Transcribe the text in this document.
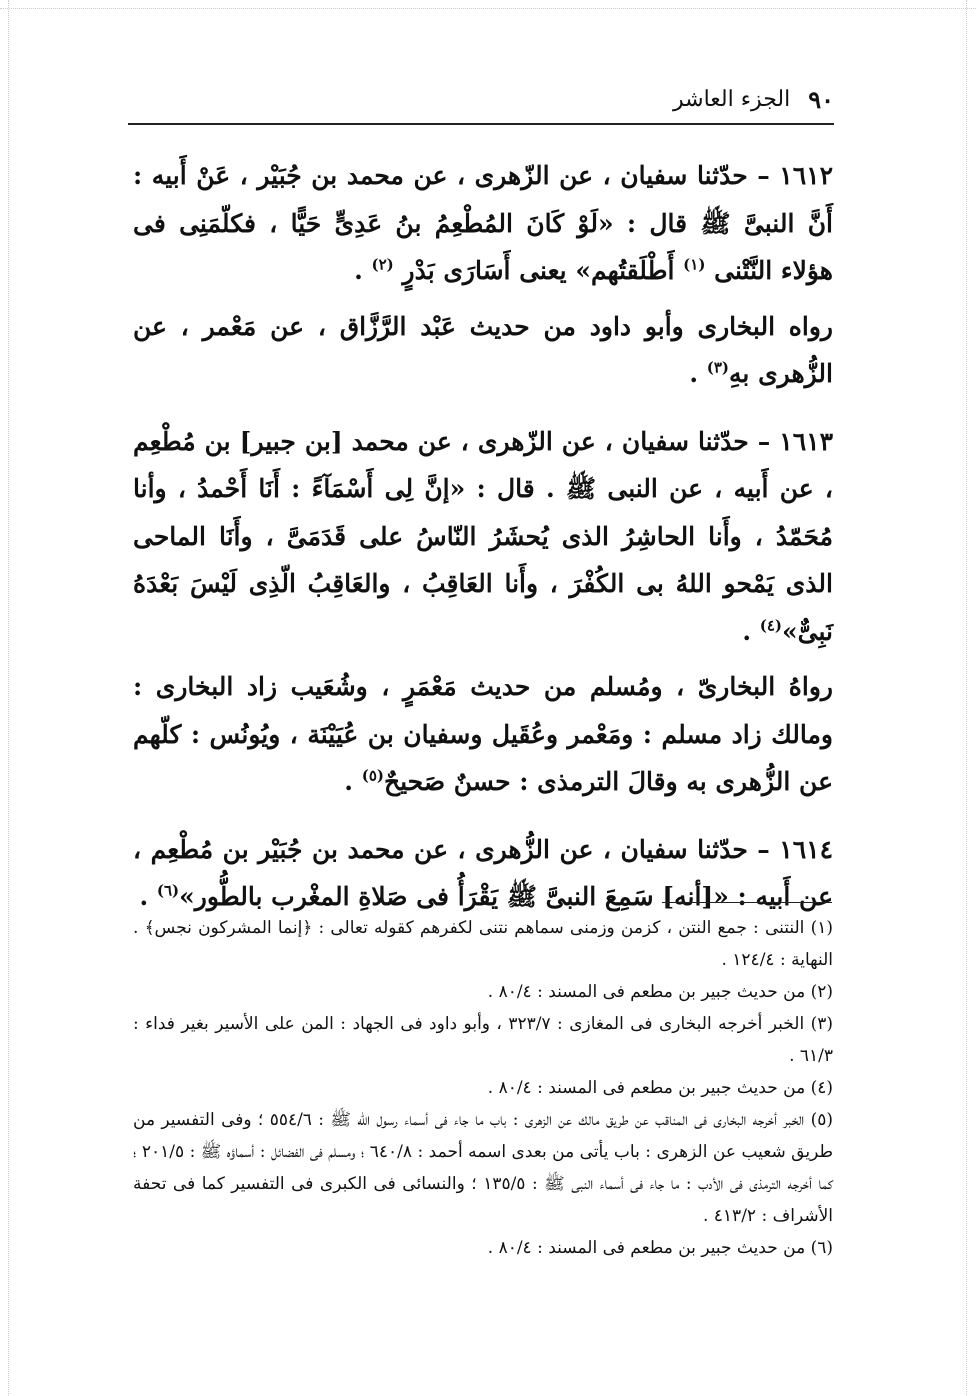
٩٠
الجزء العاشر

١٦١٢ – حدّثنا سفيان ، عن الزّهرى ، عن محمد بن جُبَيْر ، عَنْ أَبيه : أَنَّ النبىَّ ﷺ قال : «لَوْ كَانَ المُطْعِمُ بنُ عَدِىٍّ حَيًّا ، فكلّمَنِى فى هؤلاء النَّتْنى $^{(١)}$ أَطْلَقتُهم» يعنى أَسَارَى بَدْرٍ $^{(٢)}$ .

رواه البخارى وأبو داود من حديث عَبْد الرَّزَّاق ، عن مَعْمر ، عن الزُّهرى بهِ$^{(٣)}$ .

١٦١٣ – حدّثنا سفيان ، عن الزّهرى ، عن محمد [بن جبير] بن مُطْعِم ، عن أَبيه ، عن النبى ﷺ . قال : «إنَّ لِى أَسْمَآءً : أَنَا أَحْمدُ ، وأنا مُحَمّدُ ، وأَنا الحاشِرُ الذى يُحشَرُ النّاسُ على قَدَمَىَّ ، وأَنَا الماحى الذى يَمْحو اللهُ بى الكُفْرَ ، وأَنا العَاقِبُ ، والعَاقِبُ الّذِى لَيْسَ بَعْدَهُ نَبِىٌّ»$^{(٤)}$ .

رواهُ البخارىّ ، ومُسلم من حديث مَعْمَرٍ ، وشُعَيب زاد البخارى : ومالك زاد مسلم : ومَعْمر وعُقَيل وسفيان بن عُيَيْنَة ، ويُونُس : كلّهم عن الزُّهرى به وقالَ الترمذى : حسنٌ صَحيحٌ$^{(٥)}$ .

١٦١٤ – حدّثنا سفيان ، عن الزُّهرى ، عن محمد بن جُبَيْر بن مُطْعِم ، عن أَبيه : «[أنه] سَمِعَ النبىَّ ﷺ يَقْرَأُ فى صَلاةِ المغْرب بالطُّور»$^{(٦)}$ .

(١) النتنى : جمع النتن ، كزمن وزمنى سماهم نتنى لكفرهم كقوله تعالى : ﴿إنما المشركون نجس﴾ . النهاية : ١٢٤/٤ .

(٢) من حديث جبير بن مطعم فى المسند : ٨٠/٤ .

(٣) الخبر أخرجه البخارى فى المغازى : ٣٢٣/٧ ، وأبو داود فى الجهاد : المن على الأسير بغير فداء : ٦١/٣ .

(٤) من حديث جبير بن مطعم فى المسند : ٨٠/٤ .

(٥) الخبر أخرجه البخارى فى المناقب عن طريق مالك عن الزهرى : باب ما جاء فى أسماء رسول الله ﷺ : ٥٥٤/٦ ؛ وفى التفسير من طريق شعيب عن الزهرى : باب يأتى من بعدى اسمه أحمد : ٦٤٠/٨ ؛ ومسلم فى الفضائل : أسماؤه ﷺ : ٢٠١/٥ ؛ كما أخرجه الترمذى فى الأدب : ما جاء فى أسماء النبى ﷺ : ١٣٥/٥ ؛ والنسائى فى الكبرى فى التفسير كما فى تحفة الأشراف : ٤١٣/٢ .

(٦) من حديث جبير بن مطعم فى المسند : ٨٠/٤ .
